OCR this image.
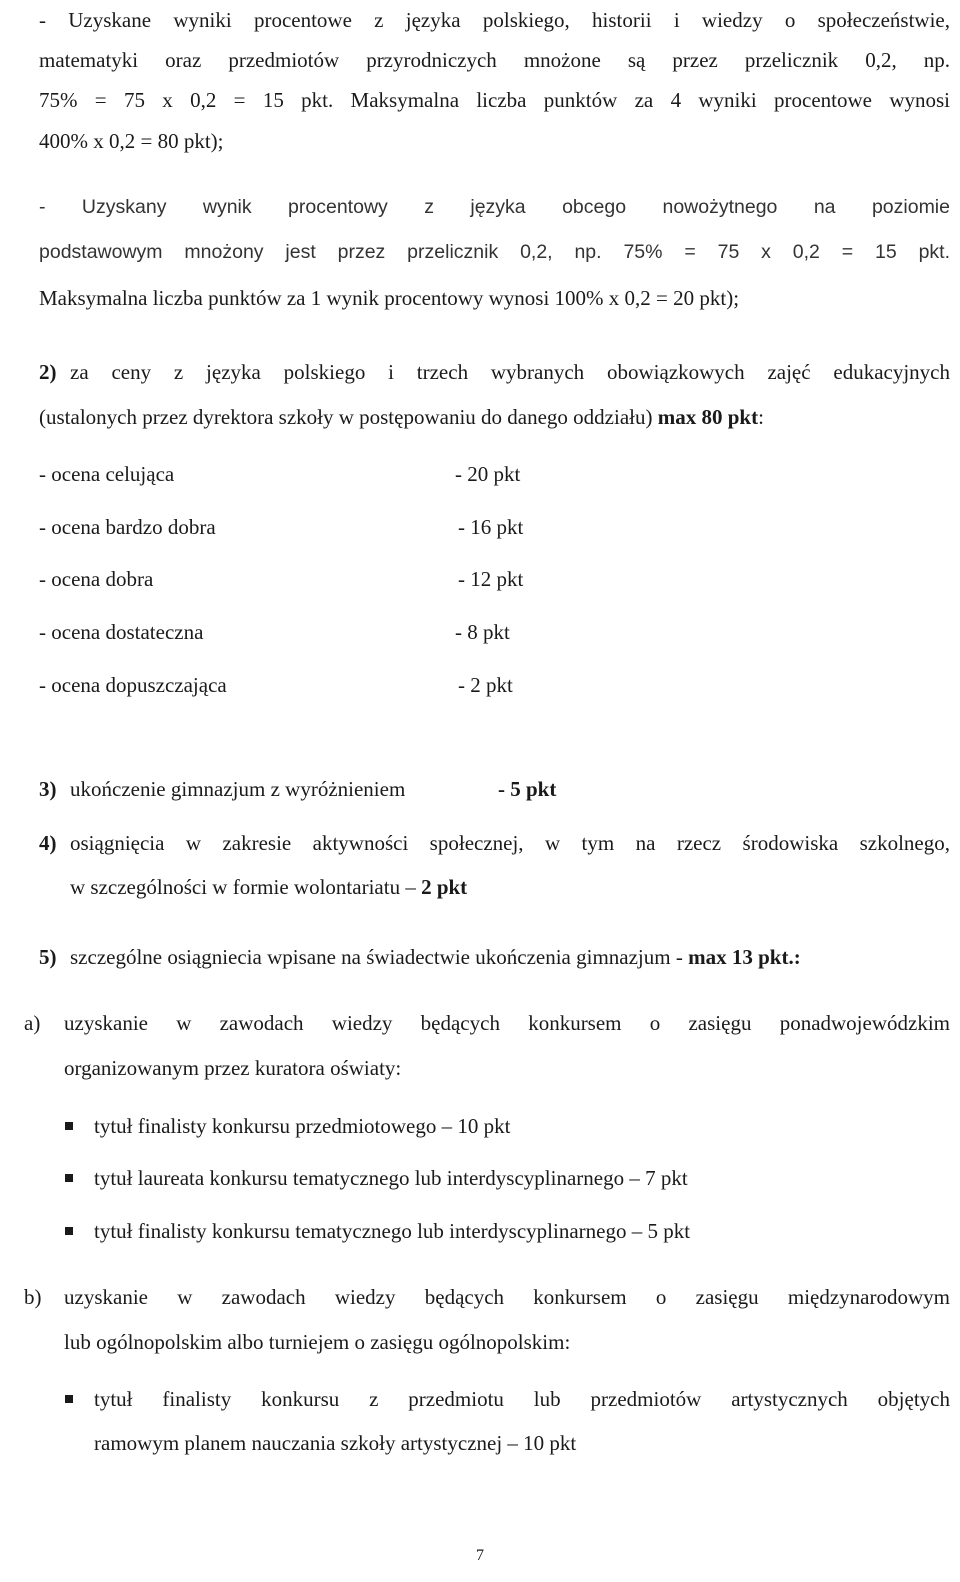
- Uzyskane wyniki procentowe z języka polskiego, historii i wiedzy o społeczeństwie,
matematyki oraz przedmiotów przyrodniczych mnożone są przez przelicznik 0,2, np.
75% = 75 x 0,2 = 15 pkt. Maksymalna liczba punktów za 4 wyniki procentowe wynosi
400% x 0,2 = 80 pkt);
- Uzyskany wynik procentowy z języka obcego nowożytnego na poziomie
podstawowym mnożony jest przez przelicznik 0,2, np. 75% = 75 x 0,2 = 15 pkt.
Maksymalna liczba punktów za 1 wynik procentowy wynosi 100% x 0,2 = 20 pkt);
2) za ceny z języka polskiego i trzech wybranych obowiązkowych zajęć edukacyjnych
(ustalonych przez dyrektora szkoły w postępowaniu do danego oddziału) max 80 pkt:
- ocena celująca	- 20 pkt
- ocena bardzo dobra	- 16 pkt
- ocena dobra	- 12 pkt
- ocena dostateczna	- 8 pkt
- ocena dopuszczająca	- 2 pkt
3) ukończenie gimnazjum z wyróżnieniem	- 5 pkt
4) osiągnięcia w zakresie aktywności społecznej, w tym na rzecz środowiska szkolnego,
w szczególności w formie wolontariatu – 2 pkt
5) szczególne osiągniecia wpisane na świadectwie ukończenia gimnazjum - max 13 pkt.:
a) uzyskanie w zawodach wiedzy będących konkursem o zasięgu ponadwojewódzkim
organizowanym przez kuratora oświaty:
tytuł finalisty konkursu przedmiotowego – 10 pkt
tytuł laureata konkursu tematycznego lub interdyscyplinarnego – 7 pkt
tytuł finalisty konkursu tematycznego lub interdyscyplinarnego – 5 pkt
b) uzyskanie w zawodach wiedzy będących konkursem o zasięgu międzynarodowym
lub ogólnopolskim albo turniejem o zasięgu ogólnopolskim:
tytuł finalisty konkursu z przedmiotu lub przedmiotów artystycznych objętych
ramowym planem nauczania szkoły artystycznej – 10 pkt
7
